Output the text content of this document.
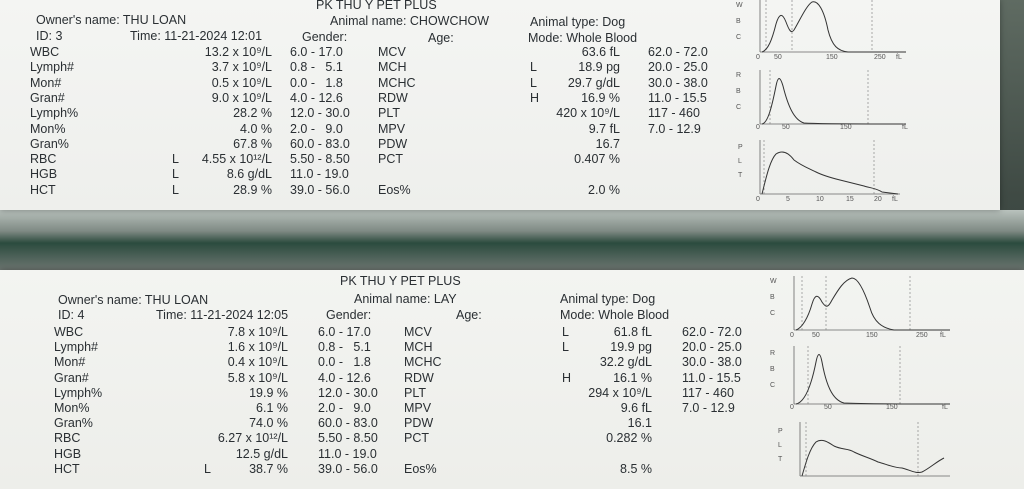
PK THU Y PET PLUS
Owner's name: THU LOAN	Animal name: CHOWCHOW	Animal type: Dog
ID: 3	Time: 11-21-2024 12:01	Gender:	Age:	Mode: Whole Blood
WBC	13.2 x 10⁹/L 6.0 - 17.0
Lymph#	3.7 x 10⁹/L 0.8 -   5.1
Mon#	0.5 x 10⁹/L 0.0 -   1.8
Gran#	9.0 x 10⁹/L 4.0 - 12.6
Lymph%	28.2 % 12.0 - 30.0
Mon%	4.0 % 2.0 -   9.0
Gran%	67.8 % 60.0 - 83.0
RBC	L 4.55 x 10¹²/L 5.50 - 8.50
HGB	L	8.6 g/dL 11.0 - 19.0
HCT	L	28.9 % 39.0 - 56.0
MCV	63.6 fL 62.0 - 72.0
MCH	L	18.9 pg 20.0 - 25.0
MCHC	L 29.7 g/dL 30.0 - 38.0
RDW	H	16.9 % 11.0 - 15.5
PLT	420 x 10⁹/L 117 - 460
MPV	9.7 fL 7.0 - 12.9
PDW	16.7
PCT	0.407 %
Eos%	2.0 %
W
B
C
0 50	150	250 fL
R
B
C
0	50	150	fL
P
L
T
0	5	10	15	20 fL
PK THU Y PET PLUS
Owner's name: THU LOAN	Animal name: LAY	Animal type: Dog
ID: 4	Time: 11-21-2024 12:05	Gender:	Age:	Mode: Whole Blood
WBC	7.8 x 10⁹/L 6.0 - 17.0
Lymph#	1.6 x 10⁹/L 0.8 -   5.1
Mon#	0.4 x 10⁹/L 0.0 -   1.8
Gran#	5.8 x 10⁹/L 4.0 - 12.6
Lymph%	19.9 % 12.0 - 30.0
Mon%	6.1 % 2.0 -   9.0
Gran%	74.0 % 60.0 - 83.0
RBC	6.27 x 10¹²/L 5.50 - 8.50
HGB	12.5 g/dL 11.0 - 19.0
HCT	L	38.7 % 39.0 - 56.0
MCV	L	61.8 fL 62.0 - 72.0
MCH	L	19.9 pg 20.0 - 25.0
MCHC	32.2 g/dL 30.0 - 38.0
RDW	H	16.1 % 11.0 - 15.5
PLT	294 x 10⁹/L 117 - 460
MPV	9.6 fL 7.0 - 12.9
PDW	16.1
PCT	0.282 %
Eos%	8.5 %
W
B
C
0	50	150	250 fL
R
B
C
0	50	150	fL
P
L
T
